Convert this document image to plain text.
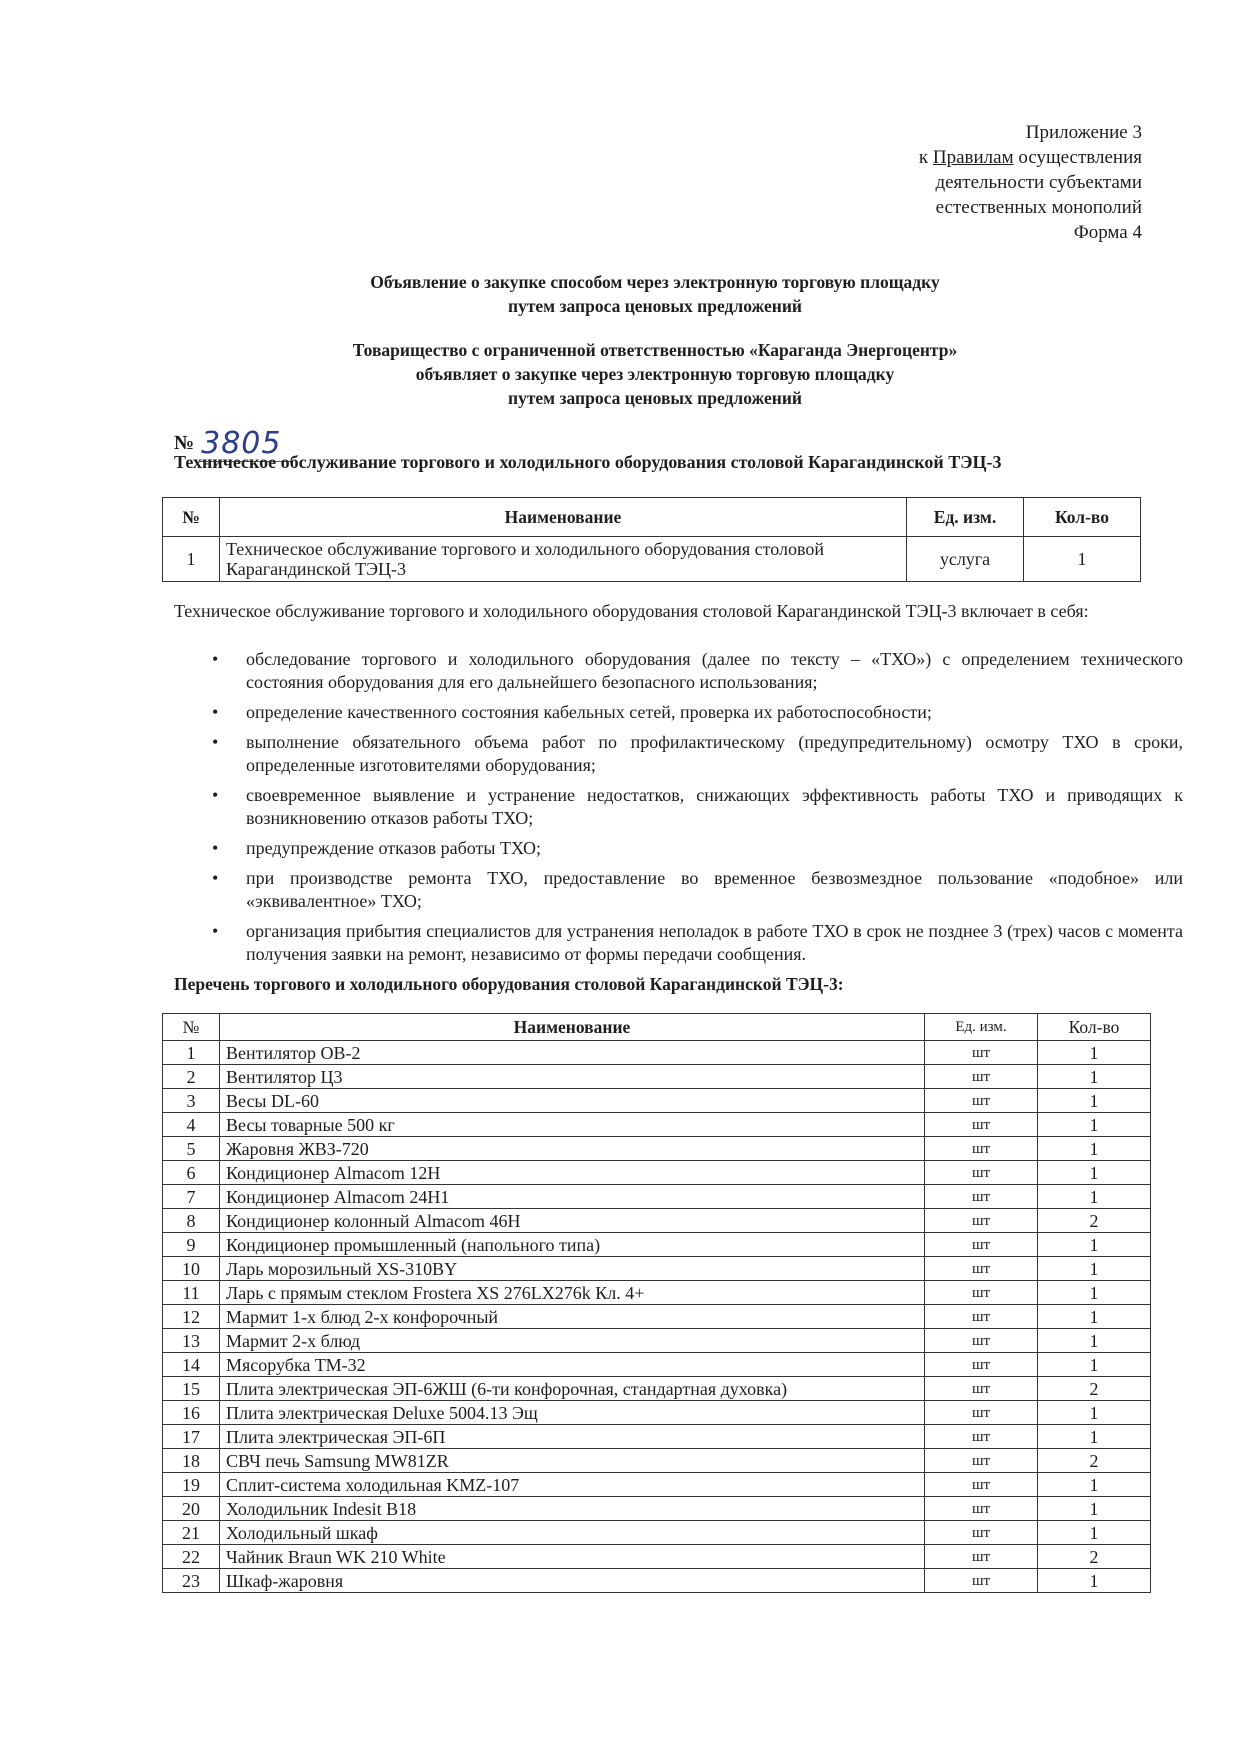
Приложение 3
к Правилам осуществления
деятельности субъектами
естественных монополий
Форма 4
Объявление о закупке способом через электронную торговую площадку
путем запроса ценовых предложений
Товарищество с ограниченной ответственностью «Караганда Энергоцентр»
объявляет о закупке через электронную торговую площадку
путем запроса ценовых предложений
№ 3805
Техническое обслуживание торгового и холодильного оборудования столовой Карагандинской ТЭЦ-3
№	Наименование	Ед. изм.	Кол-во
1	Техническое обслуживание торгового и холодильного оборудования столовой Карагандинской ТЭЦ-3	услуга	1
Техническое обслуживание торгового и холодильного оборудования столовой Карагандинской ТЭЦ-3 включает в себя:
• обследование торгового и холодильного оборудования (далее по тексту – «ТХО») с определением технического состояния оборудования для его дальнейшего безопасного использования;
• определение качественного состояния кабельных сетей, проверка их работоспособности;
• выполнение обязательного объема работ по профилактическому (предупредительному) осмотру ТХО в сроки, определенные изготовителями оборудования;
• своевременное выявление и устранение недостатков, снижающих эффективность работы ТХО и приводящих к возникновению отказов работы ТХО;
• предупреждение отказов работы ТХО;
• при производстве ремонта ТХО, предоставление во временное безвозмездное пользование «подобное» или «эквивалентное» ТХО;
• организация прибытия специалистов для устранения неполадок в работе ТХО в срок не позднее 3 (трех) часов с момента получения заявки на ремонт, независимо от формы передачи сообщения.
Перечень торгового и холодильного оборудования столовой Карагандинской ТЭЦ-3:
№	Наименование	Ед. изм.	Кол-во
1	Вентилятор ОВ-2	шт	1
2	Вентилятор Ц3	шт	1
3	Весы DL-60	шт	1
4	Весы товарные 500 кг	шт	1
5	Жаровня ЖВЗ-720	шт	1
6	Кондиционер Almacom 12H	шт	1
7	Кондиционер Almacom 24H1	шт	1
8	Кондиционер колонный Almacom 46H	шт	2
9	Кондиционер промышленный (напольного типа)	шт	1
10	Ларь морозильный XS-310BY	шт	1
11	Ларь с прямым стеклом Frostera XS 276LX276k Кл. 4+	шт	1
12	Мармит 1-х блюд 2-х конфорочный	шт	1
13	Мармит 2-х блюд	шт	1
14	Мясорубка ТМ-32	шт	1
15	Плита электрическая ЭП-6ЖШ (6-ти конфорочная, стандартная духовка)	шт	2
16	Плита электрическая Deluxe 5004.13 Эщ	шт	1
17	Плита электрическая ЭП-6П	шт	1
18	СВЧ печь Samsung MW81ZR	шт	2
19	Сплит-система холодильная KMZ-107	шт	1
20	Холодильник Indesit B18	шт	1
21	Холодильный шкаф	шт	1
22	Чайник Braun WK 210 White	шт	2
23	Шкаф-жаровня	шт	1
